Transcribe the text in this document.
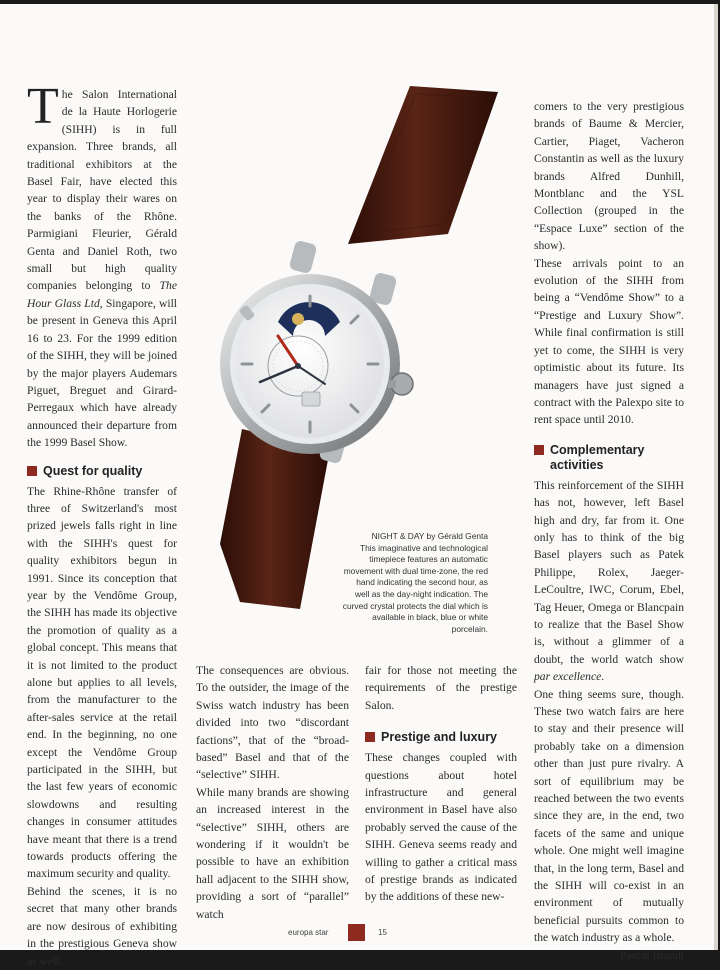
The Salon International de la Haute Horlogerie (SIHH) is in full expansion. Three brands, all traditional exhibitors at the Basel Fair, have elected this year to display their wares on the banks of the Rhône. Parmigiani Fleurier, Gérald Genta and Daniel Roth, two small but high quality companies belonging to The Hour Glass Ltd, Singapore, will be present in Geneva this April 16 to 23. For the 1999 edition of the SIHH, they will be joined by the major players Audemars Piguet, Breguet and Girard-Perregaux which have already announced their departure from the 1999 Basel Show.

Quest for quality

The Rhine-Rhône transfer of three of Switzerland's most prized jewels falls right in line with the SIHH's quest for quality exhibitors begun in 1991. Since its conception that year by the Vendôme Group, the SIHH has made its objective the promotion of quality as a global concept. This means that it is not limited to the product alone but applies to all levels, from the manufacturer to the after-sales service at the retail end. In the beginning, no one except the Vendôme Group participated in the SIHH, but the last few years of economic slowdowns and resulting changes in consumer attitudes have meant that there is a trend towards products offering the maximum security and quality.

Behind the scenes, it is no secret that many other brands are now desirous of exhibiting in the prestigious Geneva show as well.

The consequences are obvious. To the outsider, the image of the Swiss watch industry has been divided into two “discordant factions”, that of the “broad-based” Basel and that of the “selective” SIHH.

While many brands are showing an increased interest in the “selective” SIHH, others are wondering if it wouldn't be possible to have an exhibition hall adjacent to the SIHH show, providing a sort of “parallel” watch

fair for those not meeting the requirements of the prestige Salon.

Prestige and luxury

These changes coupled with questions about hotel infrastructure and general environment in Basel have also probably served the cause of the SIHH. Geneva seems ready and willing to gather a critical mass of prestige brands as indicated by the additions of these new-

comers to the very prestigious brands of Baume & Mercier, Cartier, Piaget, Vacheron Constantin as well as the luxury brands Alfred Dunhill, Montblanc and the YSL Collection (grouped in the “Espace Luxe” section of the show).

These arrivals point to an evolution of the SIHH from being a “Vendôme Show” to a “Prestige and Luxury Show”. While final confirmation is still yet to come, the SIHH is very optimistic about its future. Its managers have just signed a contract with the Palexpo site to rent space until 2010.

Complementary activities

This reinforcement of the SIHH has not, however, left Basel high and dry, far from it. One only has to think of the big Basel players such as Patek Philippe, Rolex, Jaeger-LeCoultre, IWC, Corum, Ebel, Tag Heuer, Omega or Blancpain to realize that the Basel Show is, without a glimmer of a doubt, the world watch show par excellence.

One thing seems sure, though. These two watch fairs are here to stay and their presence will probably take on a dimension other than just pure rivalry. A sort of equilibrium may be reached between the two events since they are, in the end, two facets of the same and unique whole. One might well imagine that, in the long term, Basel and the SIHH will co-exist in an environment of mutually beneficial pursuits common to the watch industry as a whole.

Pascal Brandt

NIGHT & DAY by Gérald Genta
This imaginative and technological timepiece features an automatic movement with dual time-zone, the red hand indicating the second hour, as well as the day-night indication. The curved crystal protects the dial which is available in black, blue or white porcelain.
europa star	15
